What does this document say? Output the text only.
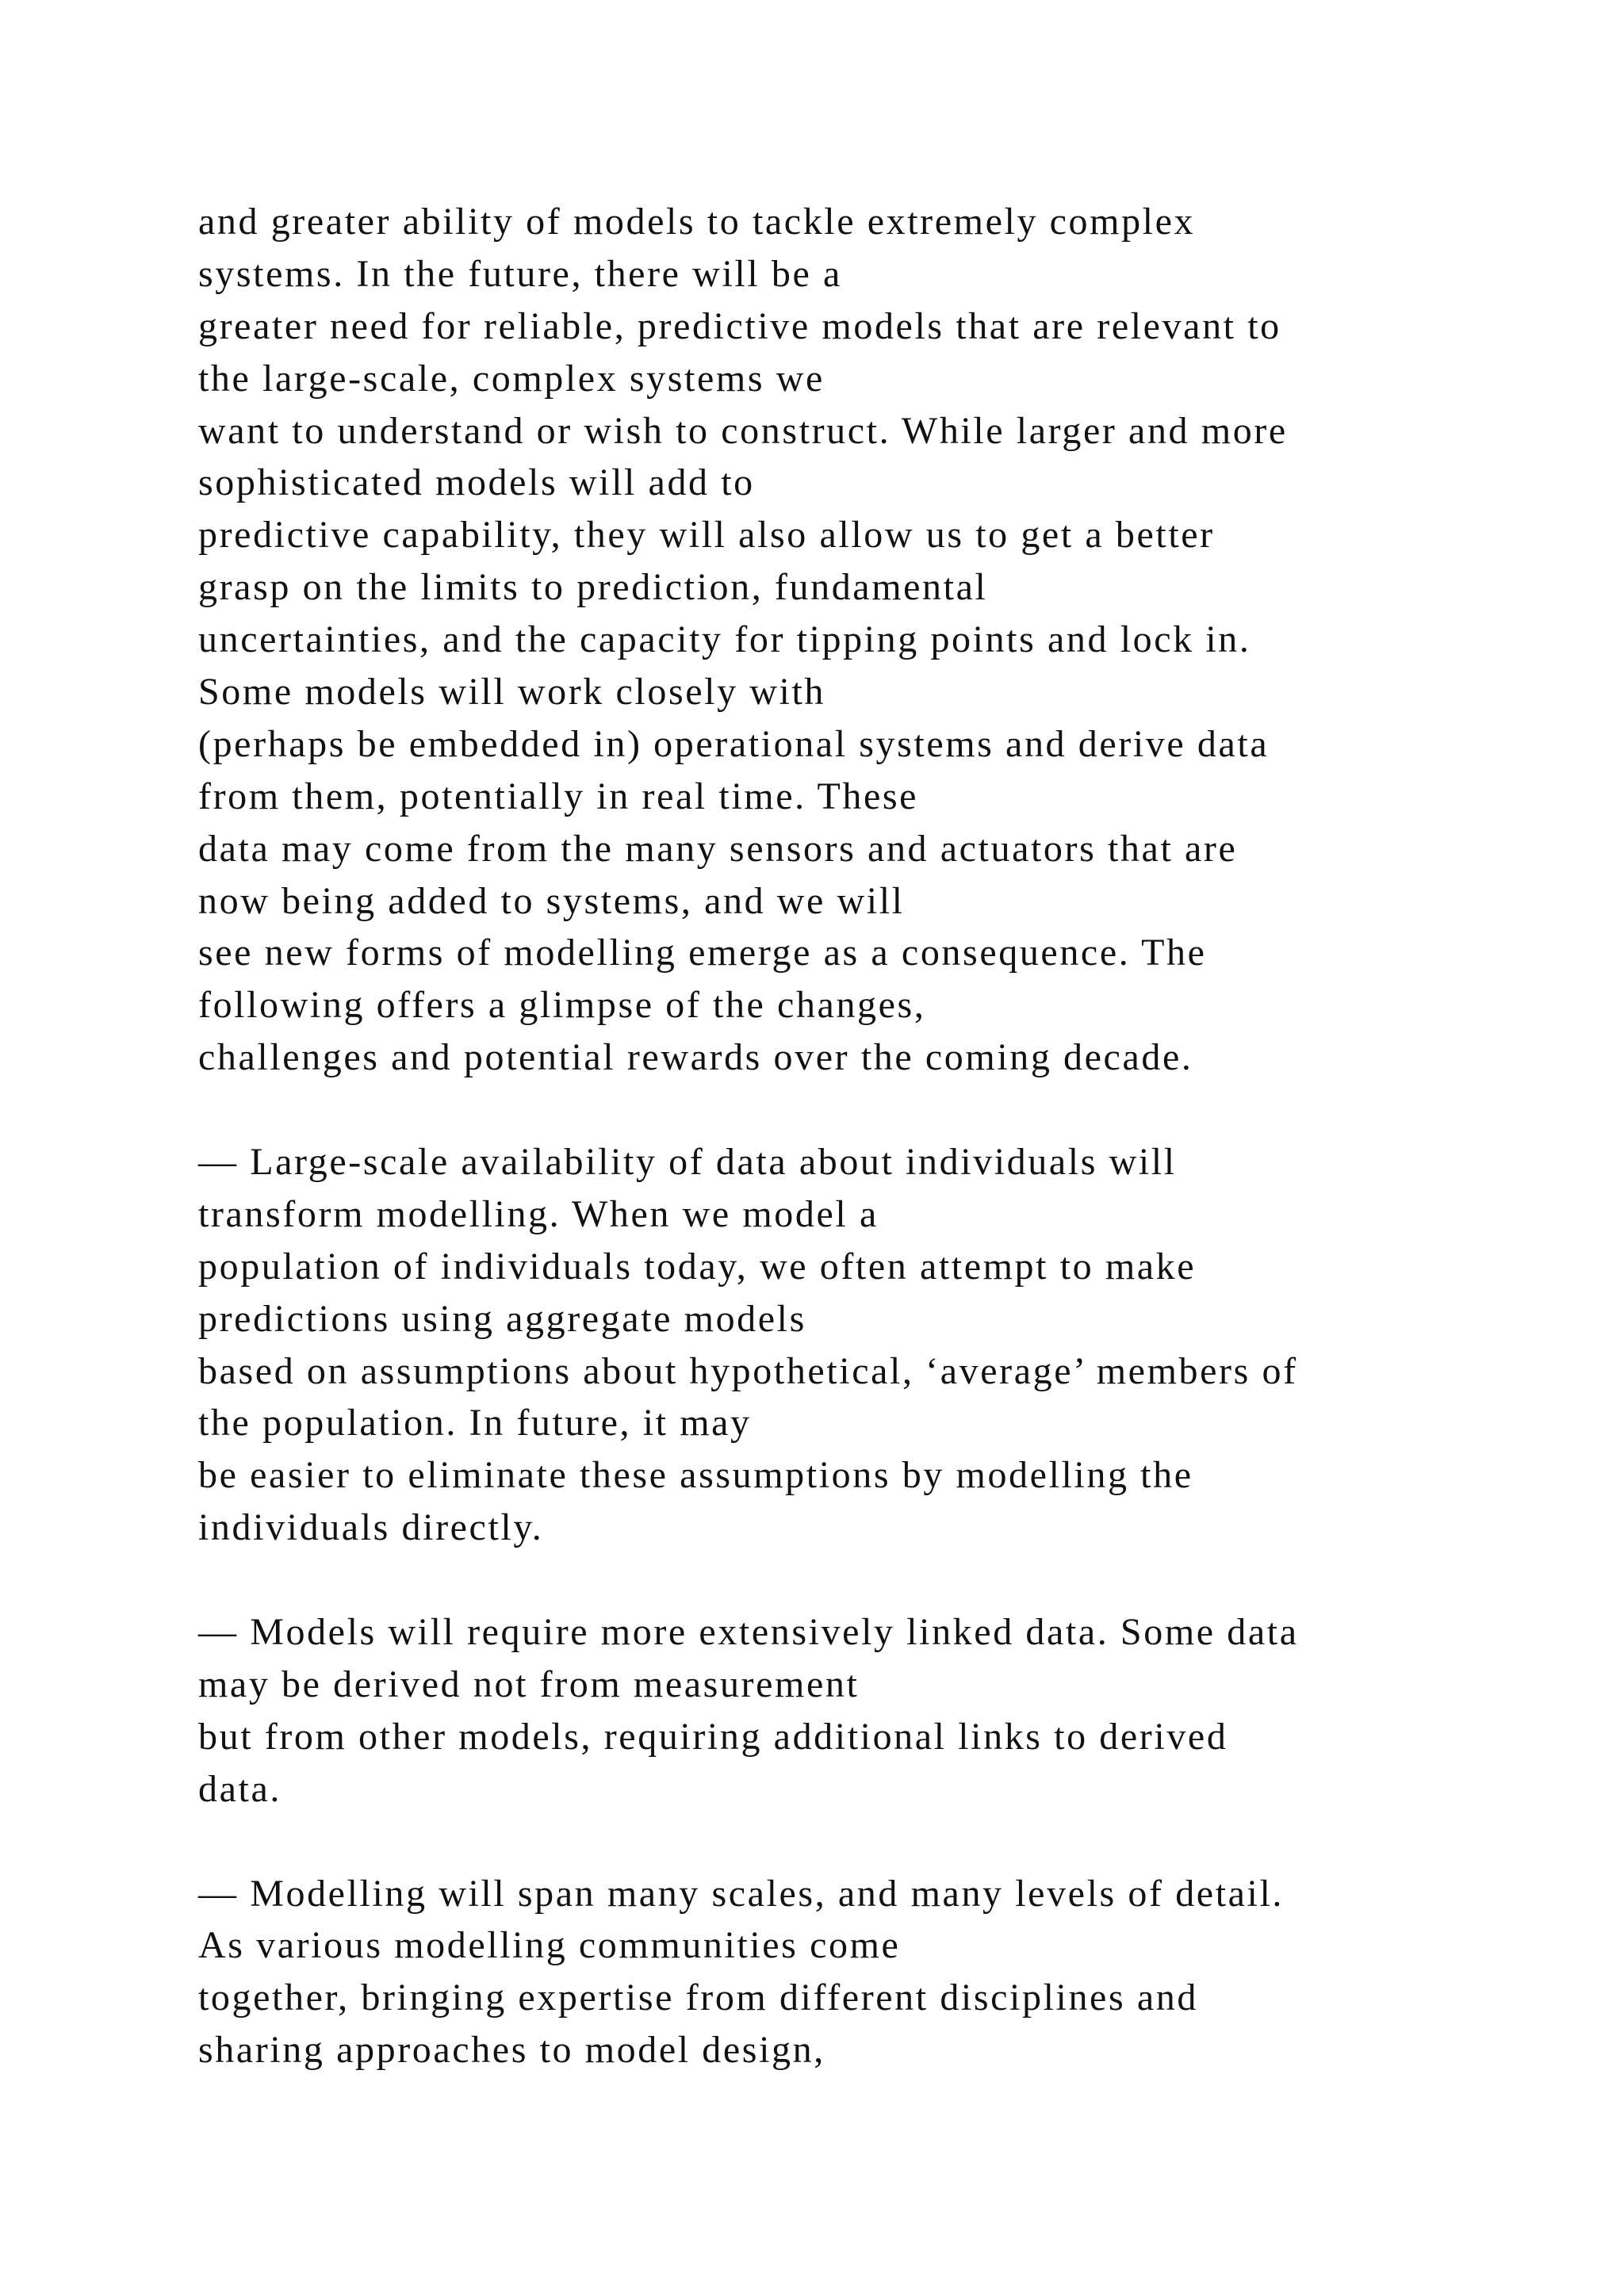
and greater ability of models to tackle extremely complex

systems. In the future, there will be a

greater need for reliable, predictive models that are relevant to

the large-scale, complex systems we

want to understand or wish to construct. While larger and more

sophisticated models will add to

predictive capability, they will also allow us to get a better

grasp on the limits to prediction, fundamental

uncertainties, and the capacity for tipping points and lock in.

Some models will work closely with

(perhaps be embedded in) operational systems and derive data

from them, potentially in real time. These

data may come from the many sensors and actuators that are

now being added to systems, and we will

see new forms of modelling emerge as a consequence. The

following offers a glimpse of the changes,

challenges and potential rewards over the coming decade.

— Large-scale availability of data about individuals will

transform modelling. When we model a

population of individuals today, we often attempt to make

predictions using aggregate models

based on assumptions about hypothetical, ‘average’ members of

the population. In future, it may

be easier to eliminate these assumptions by modelling the

individuals directly.

— Models will require more extensively linked data. Some data

may be derived not from measurement

but from other models, requiring additional links to derived

data.

— Modelling will span many scales, and many levels of detail.

As various modelling communities come

together, bringing expertise from different disciplines and

sharing approaches to model design,
